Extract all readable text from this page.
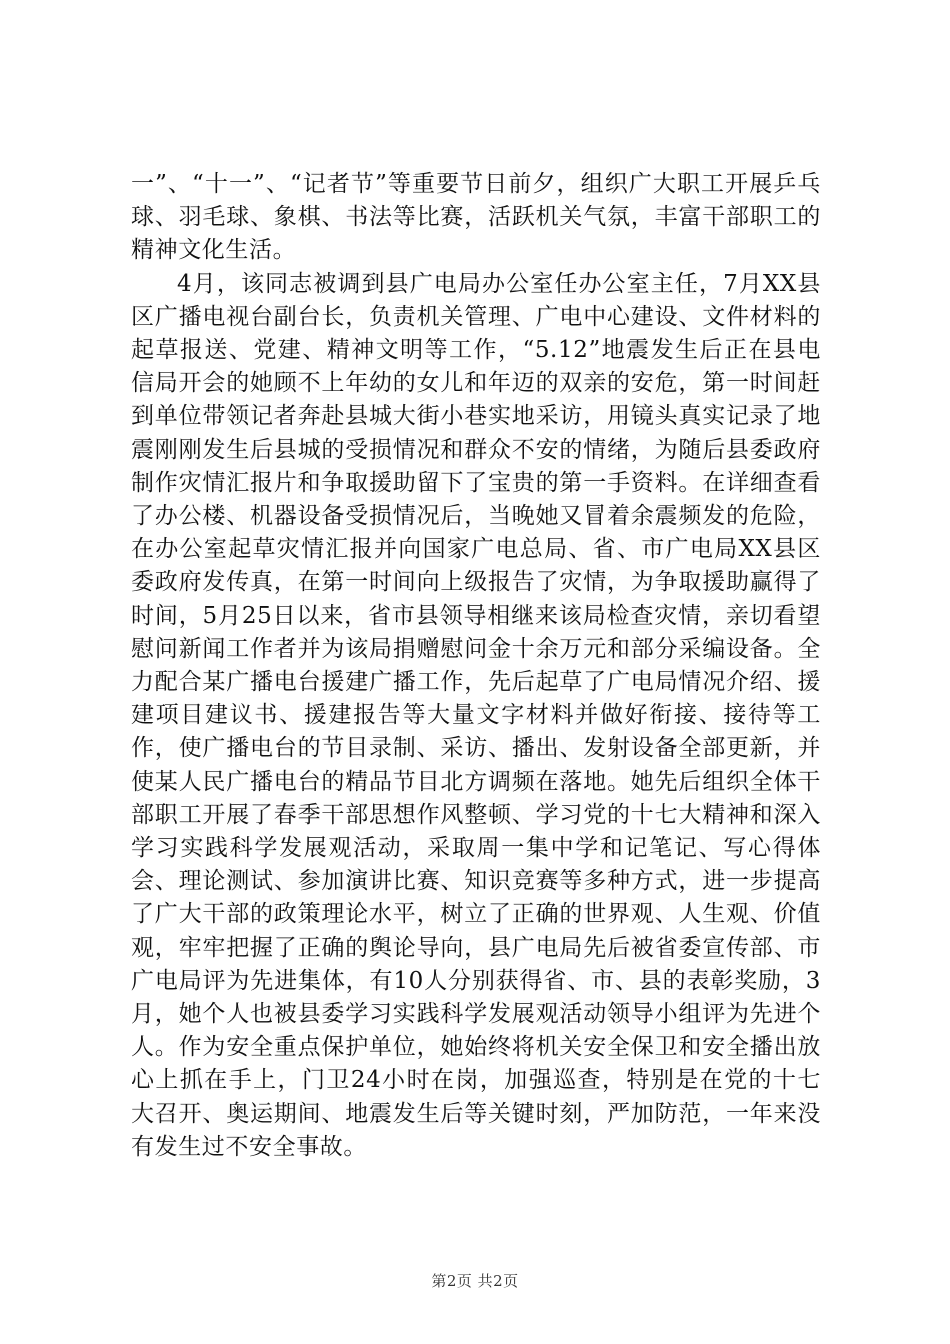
一”、“十一”、“记者节”等重要节日前夕，组织广大职工开展乒乓球、羽毛球、象棋、书法等比赛，活跃机关气氛，丰富干部职工的精神文化生活。

4月，该同志被调到县广电局办公室任办公室主任，7月XX县区广播电视台副台长，负责机关管理、广电中心建设、文件材料的起草报送、党建、精神文明等工作，“5.12”地震发生后正在县电信局开会的她顾不上年幼的女儿和年迈的双亲的安危，第一时间赶到单位带领记者奔赴县城大街小巷实地采访，用镜头真实记录了地震刚刚发生后县城的受损情况和群众不安的情绪，为随后县委政府制作灾情汇报片和争取援助留下了宝贵的第一手资料。在详细查看了办公楼、机器设备受损情况后，当晚她又冒着余震频发的危险，在办公室起草灾情汇报并向国家广电总局、省、市广电局XX县区委政府发传真，在第一时间向上级报告了灾情，为争取援助赢得了时间，5月25日以来，省市县领导相继来该局检查灾情，亲切看望慰问新闻工作者并为该局捐赠慰问金十余万元和部分采编设备。全力配合某广播电台援建广播工作，先后起草了广电局情况介绍、援建项目建议书、援建报告等大量文字材料并做好衔接、接待等工作，使广播电台的节目录制、采访、播出、发射设备全部更新，并使某人民广播电台的精品节目北方调频在落地。她先后组织全体干部职工开展了春季干部思想作风整顿、学习党的十七大精神和深入学习实践科学发展观活动，采取周一集中学和记笔记、写心得体会、理论测试、参加演讲比赛、知识竞赛等多种方式，进一步提高了广大干部的政策理论水平，树立了正确的世界观、人生观、价值观，牢牢把握了正确的舆论导向，县广电局先后被省委宣传部、市广电局评为先进集体，有10人分别获得省、市、县的表彰奖励，3月，她个人也被县委学习实践科学发展观活动领导小组评为先进个人。作为安全重点保护单位，她始终将机关安全保卫和安全播出放心上抓在手上，门卫24小时在岗，加强巡查，特别是在党的十七大召开、奥运期间、地震发生后等关键时刻，严加防范，一年来没有发生过不安全事故。

第2页 共2页
